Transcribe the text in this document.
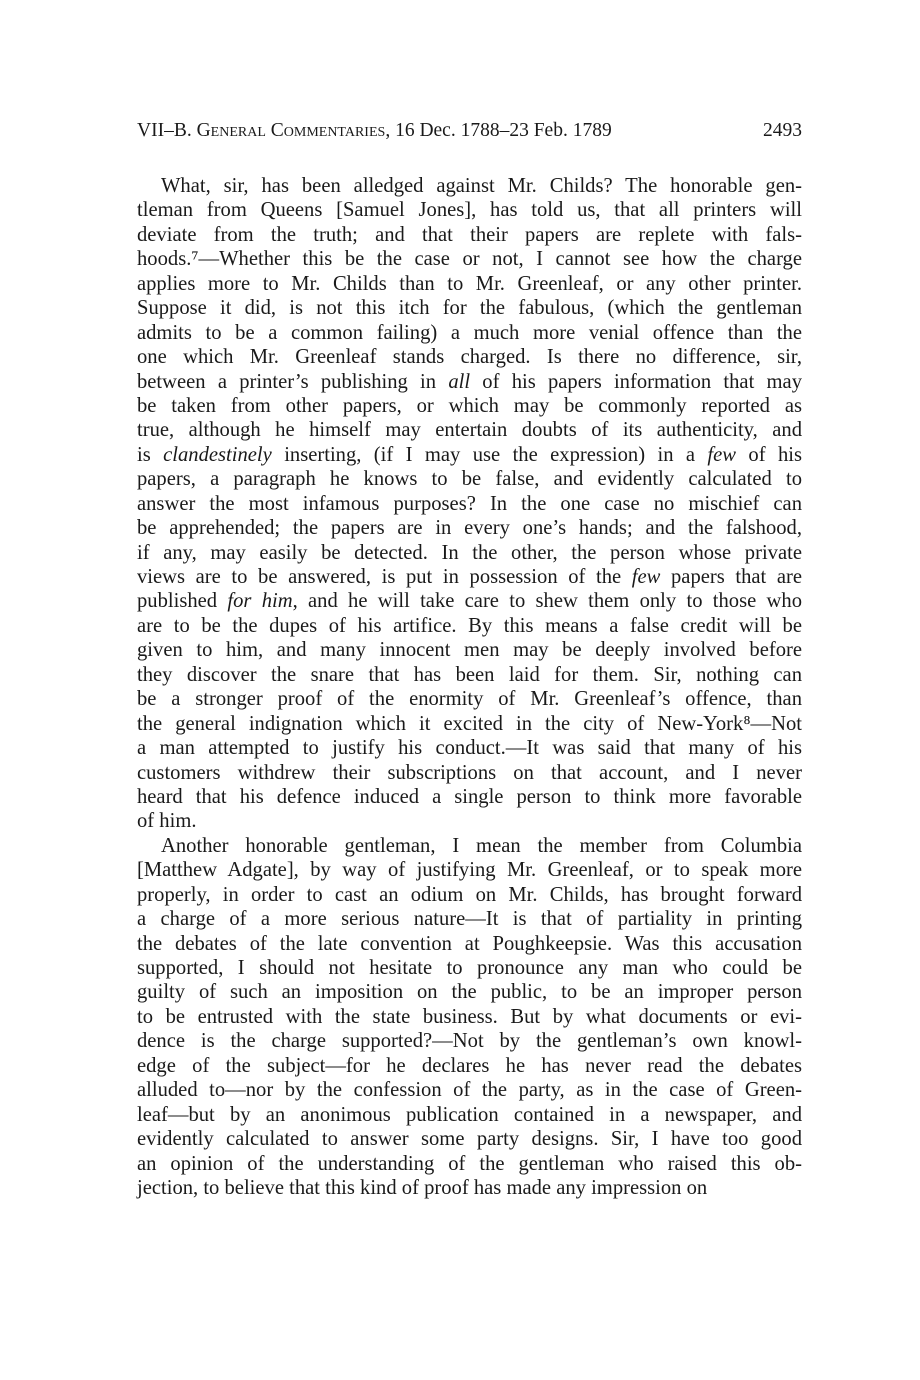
VII–B. General Commentaries, 16 Dec. 1788–23 Feb. 1789	2493
What, sir, has been alledged against Mr. Childs? The honorable gen-
tleman from Queens [Samuel Jones], has told us, that all printers will
deviate from the truth; and that their papers are replete with fals-
hoods.⁷—Whether this be the case or not, I cannot see how the charge
applies more to Mr. Childs than to Mr. Greenleaf, or any other printer.
Suppose it did, is not this itch for the fabulous, (which the gentleman
admits to be a common failing) a much more venial offence than the
one which Mr. Greenleaf stands charged. Is there no difference, sir,
between a printer’s publishing in all of his papers information that may
be taken from other papers, or which may be commonly reported as
true, although he himself may entertain doubts of its authenticity, and
is clandestinely inserting, (if I may use the expression) in a few of his
papers, a paragraph he knows to be false, and evidently calculated to
answer the most infamous purposes? In the one case no mischief can
be apprehended; the papers are in every one’s hands; and the falshood,
if any, may easily be detected. In the other, the person whose private
views are to be answered, is put in possession of the few papers that are
published for him, and he will take care to shew them only to those who
are to be the dupes of his artifice. By this means a false credit will be
given to him, and many innocent men may be deeply involved before
they discover the snare that has been laid for them. Sir, nothing can
be a stronger proof of the enormity of Mr. Greenleaf’s offence, than
the general indignation which it excited in the city of New-York⁸—Not
a man attempted to justify his conduct.—It was said that many of his
customers withdrew their subscriptions on that account, and I never
heard that his defence induced a single person to think more favorable
of him.
Another honorable gentleman, I mean the member from Columbia
[Matthew Adgate], by way of justifying Mr. Greenleaf, or to speak more
properly, in order to cast an odium on Mr. Childs, has brought forward
a charge of a more serious nature—It is that of partiality in printing
the debates of the late convention at Poughkeepsie. Was this accusation
supported, I should not hesitate to pronounce any man who could be
guilty of such an imposition on the public, to be an improper person
to be entrusted with the state business. But by what documents or evi-
dence is the charge supported?—Not by the gentleman’s own knowl-
edge of the subject—for he declares he has never read the debates
alluded to—nor by the confession of the party, as in the case of Green-
leaf—but by an anonimous publication contained in a newspaper, and
evidently calculated to answer some party designs. Sir, I have too good
an opinion of the understanding of the gentleman who raised this ob-
jection, to believe that this kind of proof has made any impression on
